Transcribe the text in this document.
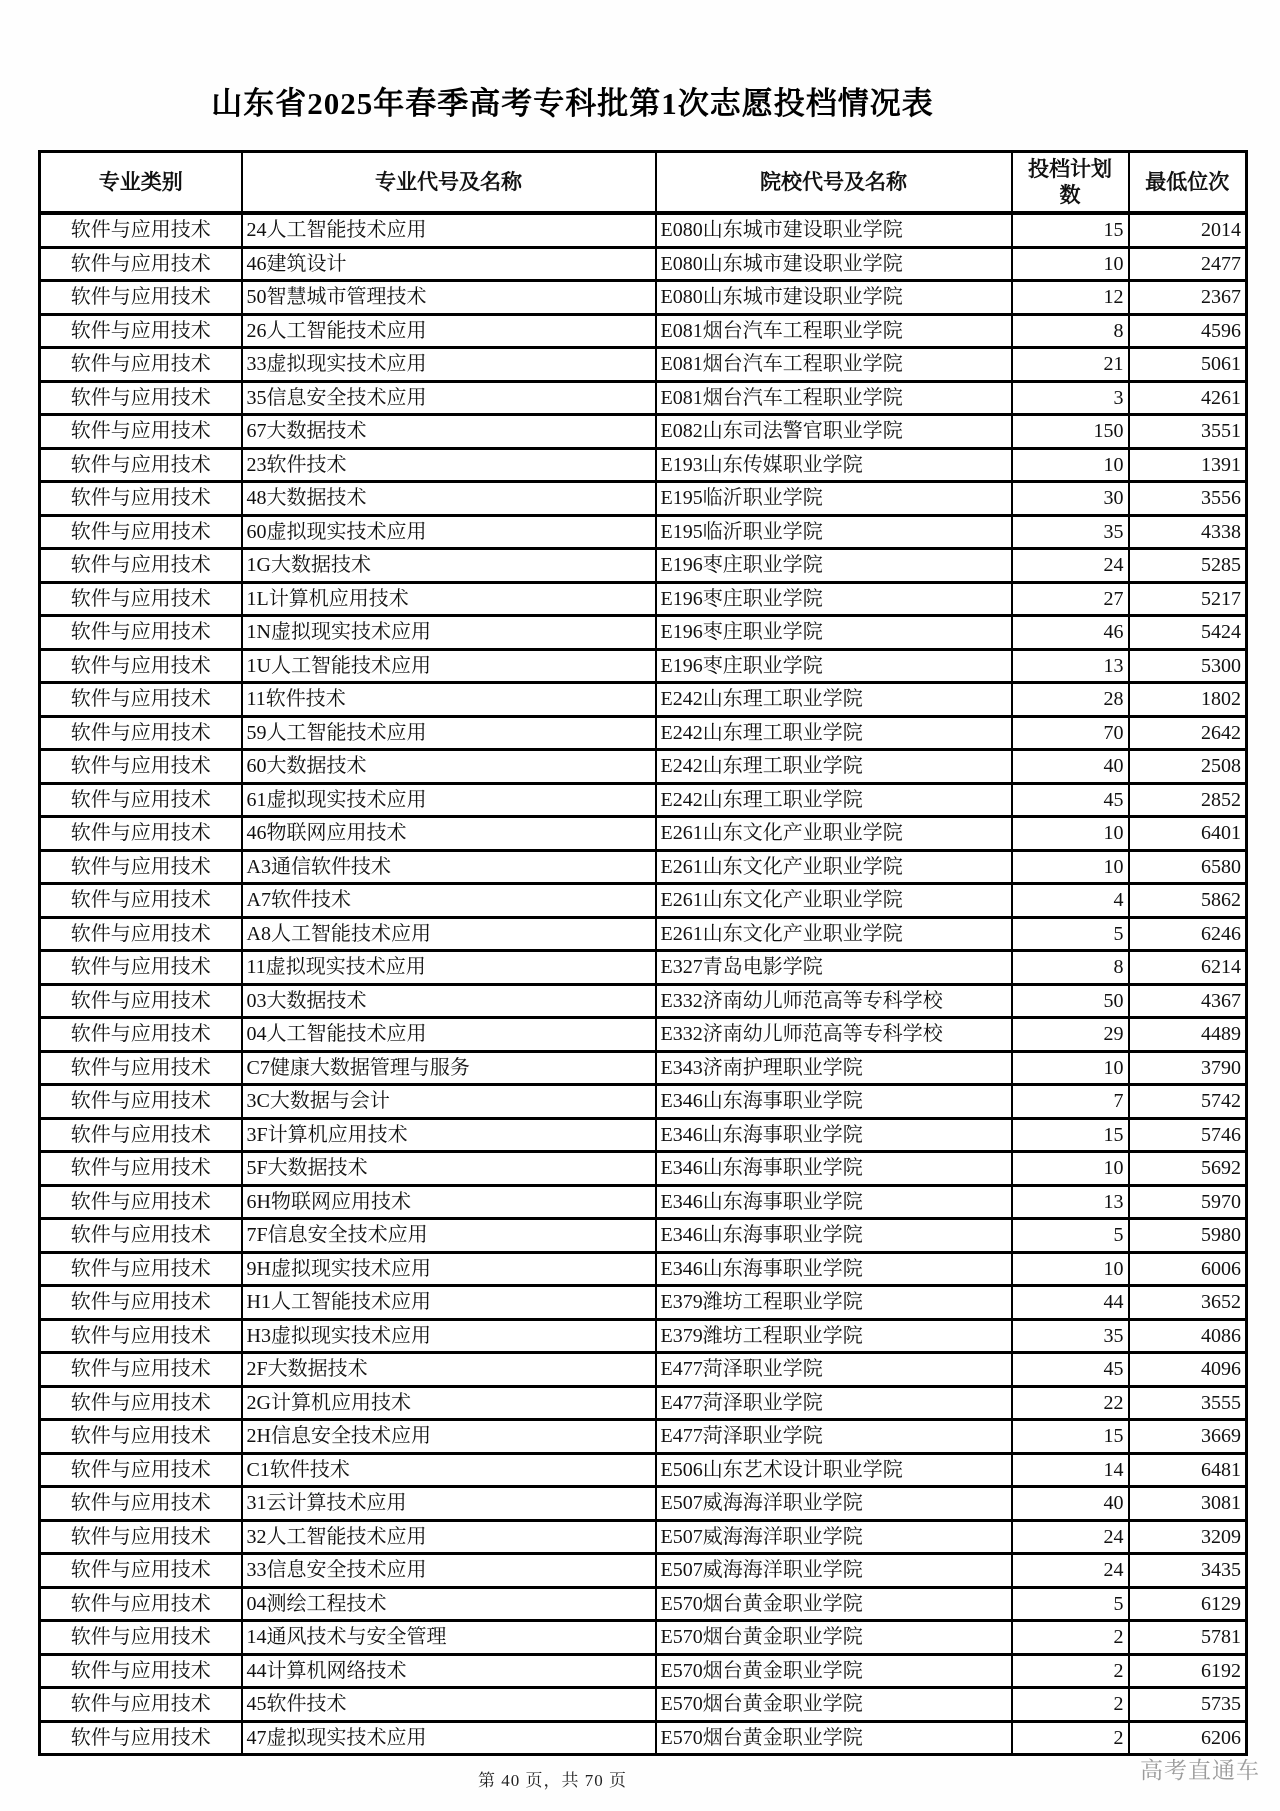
山东省2025年春季高考专科批第1次志愿投档情况表
专业类别	专业代号及名称	院校代号及名称	投档计划数	最低位次
软件与应用技术	24人工智能技术应用	E080山东城市建设职业学院	15	2014
软件与应用技术	46建筑设计	E080山东城市建设职业学院	10	2477
软件与应用技术	50智慧城市管理技术	E080山东城市建设职业学院	12	2367
软件与应用技术	26人工智能技术应用	E081烟台汽车工程职业学院	8	4596
软件与应用技术	33虚拟现实技术应用	E081烟台汽车工程职业学院	21	5061
软件与应用技术	35信息安全技术应用	E081烟台汽车工程职业学院	3	4261
软件与应用技术	67大数据技术	E082山东司法警官职业学院	150	3551
软件与应用技术	23软件技术	E193山东传媒职业学院	10	1391
软件与应用技术	48大数据技术	E195临沂职业学院	30	3556
软件与应用技术	60虚拟现实技术应用	E195临沂职业学院	35	4338
软件与应用技术	1G大数据技术	E196枣庄职业学院	24	5285
软件与应用技术	1L计算机应用技术	E196枣庄职业学院	27	5217
软件与应用技术	1N虚拟现实技术应用	E196枣庄职业学院	46	5424
软件与应用技术	1U人工智能技术应用	E196枣庄职业学院	13	5300
软件与应用技术	11软件技术	E242山东理工职业学院	28	1802
软件与应用技术	59人工智能技术应用	E242山东理工职业学院	70	2642
软件与应用技术	60大数据技术	E242山东理工职业学院	40	2508
软件与应用技术	61虚拟现实技术应用	E242山东理工职业学院	45	2852
软件与应用技术	46物联网应用技术	E261山东文化产业职业学院	10	6401
软件与应用技术	A3通信软件技术	E261山东文化产业职业学院	10	6580
软件与应用技术	A7软件技术	E261山东文化产业职业学院	4	5862
软件与应用技术	A8人工智能技术应用	E261山东文化产业职业学院	5	6246
软件与应用技术	11虚拟现实技术应用	E327青岛电影学院	8	6214
软件与应用技术	03大数据技术	E332济南幼儿师范高等专科学校	50	4367
软件与应用技术	04人工智能技术应用	E332济南幼儿师范高等专科学校	29	4489
软件与应用技术	C7健康大数据管理与服务	E343济南护理职业学院	10	3790
软件与应用技术	3C大数据与会计	E346山东海事职业学院	7	5742
软件与应用技术	3F计算机应用技术	E346山东海事职业学院	15	5746
软件与应用技术	5F大数据技术	E346山东海事职业学院	10	5692
软件与应用技术	6H物联网应用技术	E346山东海事职业学院	13	5970
软件与应用技术	7F信息安全技术应用	E346山东海事职业学院	5	5980
软件与应用技术	9H虚拟现实技术应用	E346山东海事职业学院	10	6006
软件与应用技术	H1人工智能技术应用	E379潍坊工程职业学院	44	3652
软件与应用技术	H3虚拟现实技术应用	E379潍坊工程职业学院	35	4086
软件与应用技术	2F大数据技术	E477菏泽职业学院	45	4096
软件与应用技术	2G计算机应用技术	E477菏泽职业学院	22	3555
软件与应用技术	2H信息安全技术应用	E477菏泽职业学院	15	3669
软件与应用技术	C1软件技术	E506山东艺术设计职业学院	14	6481
软件与应用技术	31云计算技术应用	E507威海海洋职业学院	40	3081
软件与应用技术	32人工智能技术应用	E507威海海洋职业学院	24	3209
软件与应用技术	33信息安全技术应用	E507威海海洋职业学院	24	3435
软件与应用技术	04测绘工程技术	E570烟台黄金职业学院	5	6129
软件与应用技术	14通风技术与安全管理	E570烟台黄金职业学院	2	5781
软件与应用技术	44计算机网络技术	E570烟台黄金职业学院	2	6192
软件与应用技术	45软件技术	E570烟台黄金职业学院	2	5735
软件与应用技术	47虚拟现实技术应用	E570烟台黄金职业学院	2	6206
第 40 页，共 70 页	高考直通车
